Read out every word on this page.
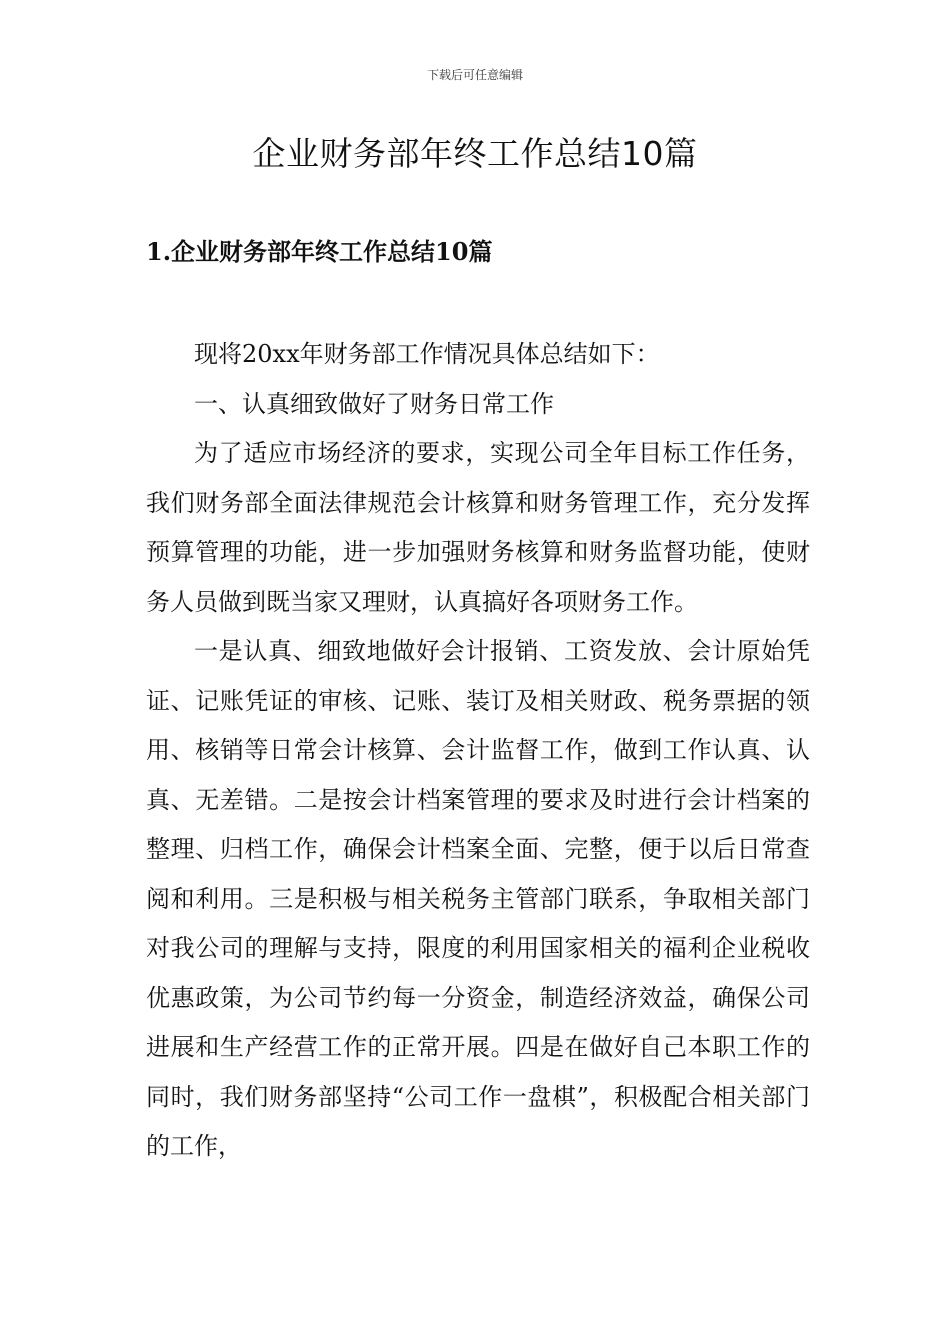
下载后可任意编辑
企业财务部年终工作总结10篇
1.企业财务部年终工作总结10篇

现将20xx年财务部工作情况具体总结如下：

一、认真细致做好了财务日常工作

为了适应市场经济的要求，实现公司全年目标工作任务，我们财务部全面法律规范会计核算和财务管理工作，充分发挥预算管理的功能，进一步加强财务核算和财务监督功能，使财务人员做到既当家又理财，认真搞好各项财务工作。

一是认真、细致地做好会计报销、工资发放、会计原始凭证、记账凭证的审核、记账、装订及相关财政、税务票据的领用、核销等日常会计核算、会计监督工作，做到工作认真、认真、无差错。二是按会计档案管理的要求及时进行会计档案的整理、归档工作，确保会计档案全面、完整，便于以后日常查阅和利用。三是积极与相关税务主管部门联系，争取相关部门对我公司的理解与支持，限度的利用国家相关的福利企业税收优惠政策，为公司节约每一分资金，制造经济效益，确保公司进展和生产经营工作的正常开展。四是在做好自己本职工作的同时，我们财务部坚持“公司工作一盘棋”，积极配合相关部门的工作，
